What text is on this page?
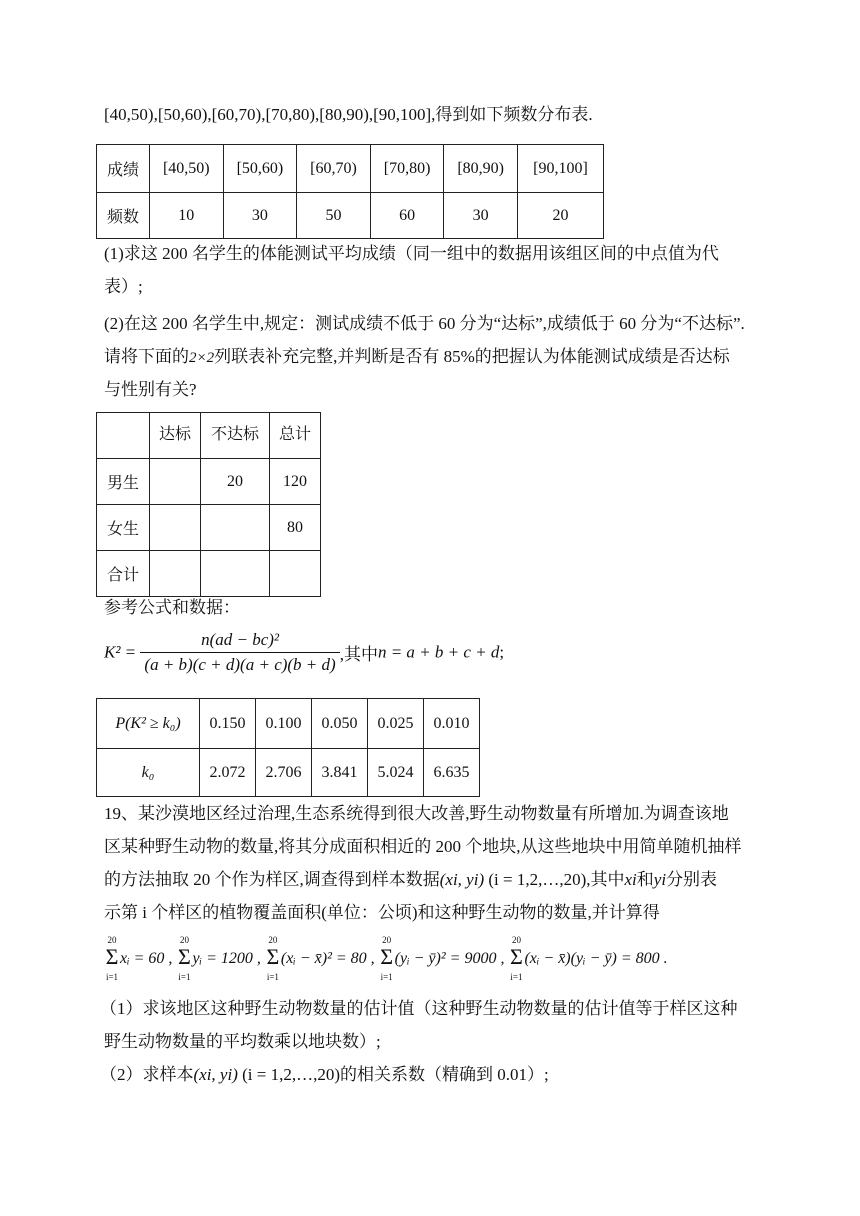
[40,50),[50,60),[60,70),[70,80),[80,90),[90,100],得到如下频数分布表.
成绩	[40,50)	[50,60)	[60,70)	[70,80)	[80,90)	[90,100]
频数	10	30	50	60	30	20
(1)求这 200 名学生的体能测试平均成绩（同一组中的数据用该组区间的中点值为代
表）;
(2)在这 200 名学生中,规定：测试成绩不低于 60 分为“达标”,成绩低于 60 分为“不达标”.
请将下面的2×2列联表补充完整,并判断是否有 85%的把握认为体能测试成绩是否达标
与性别有关?
	达标	不达标	总计
男生		20	120
女生			80
合计			
参考公式和数据：
$K^2 = \frac{\text{n(ad − bc)²}}{(a + b)(c + d)(a + c)(b + d)}$ ,其中n = a + b + c + d;
P(K² ≥ k₀)	0.150	0.100	0.050	0.025	0.010
k₀	2.072	2.706	3.841	5.024	6.635
19、某沙漠地区经过治理,生态系统得到很大改善,野生动物数量有所增加.为调查该地
区某种野生动物的数量,将其分成面积相近的 200 个地块,从这些地块中用简单随机抽样
的方法抽取 20 个作为样区,调查得到样本数据(xi, yi) (i = 1,2,…,20),其中xi和yi分别表
示第 i 个样区的植物覆盖面积(单位：公顷)和这种野生动物的数量,并计算得
20
Σ
i=1
xᵢ = 60 ,
20
Σ
i=1
yᵢ = 1200 ,
20
Σ
i=1
(xᵢ − x̄)² = 80 ,
20
Σ
i=1
(yᵢ − ȳ)² = 9000 ,
20
Σ
i=1
(xᵢ − x̄)(yᵢ − ȳ) = 800 .
（1）求该地区这种野生动物数量的估计值（这种野生动物数量的估计值等于样区这种
野生动物数量的平均数乘以地块数）;
（2）求样本(xi, yi) (i = 1,2,…,20)的相关系数（精确到 0.01）;
